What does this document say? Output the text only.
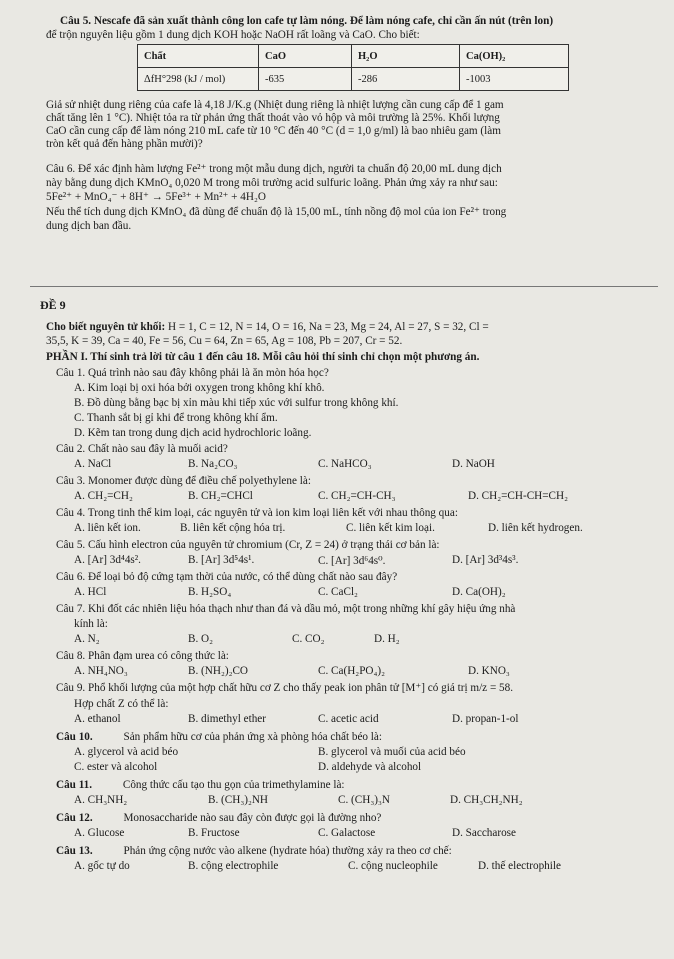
Câu 5. Nescafe đã sản xuất thành công lon cafe tự làm nóng. Để làm nóng cafe, chỉ cần ấn nút (trên lon)
để trộn nguyên liệu gồm 1 dung dịch KOH hoặc NaOH rất loãng và CaO. Cho biết:
Chất	CaO	H₂O	Ca(OH)₂
ΔfH°298 (kJ / mol)	-635	-286	-1003
Giả sử nhiệt dung riêng của cafe là 4,18 J/K.g (Nhiệt dung riêng là nhiệt lượng cần cung cấp để 1 gam
chất tăng lên 1 °C). Nhiệt tỏa ra từ phản ứng thất thoát vào vỏ hộp và môi trường là 25%. Khối lượng
CaO cần cung cấp để làm nóng 210 mL cafe từ 10 °C đến 40 °C (d = 1,0 g/ml) là bao nhiêu gam (làm
tròn kết quả đến hàng phần mười)?
Câu 6. Để xác định hàm lượng Fe²⁺ trong một mẫu dung dịch, người ta chuẩn độ 20,00 mL dung dịch
này bằng dung dịch KMnO₄ 0,020 M trong môi trường acid sulfuric loãng. Phản ứng xảy ra như sau:
5Fe²⁺ + MnO₄⁻ + 8H⁺ → 5Fe³⁺ + Mn²⁺ + 4H₂O
Nếu thể tích dung dịch KMnO₄ đã dùng để chuẩn độ là 15,00 mL, tính nồng độ mol của ion Fe²⁺ trong
dung dịch ban đầu.
ĐỀ 9
Cho biết nguyên tử khối: H = 1, C = 12, N = 14, O = 16, Na = 23, Mg = 24, Al = 27, S = 32, Cl =
35,5, K = 39, Ca = 40, Fe = 56, Cu = 64, Zn = 65, Ag = 108, Pb = 207, Cr = 52.
PHẦN I. Thí sinh trả lời từ câu 1 đến câu 18. Mỗi câu hỏi thí sinh chỉ chọn một phương án.
Câu 1. Quá trình nào sau đây không phải là ăn mòn hóa học?
A. Kim loại bị oxi hóa bởi oxygen trong không khí khô.
B. Đồ dùng bằng bạc bị xỉn màu khi tiếp xúc với sulfur trong không khí.
C. Thanh sắt bị gỉ khi để trong không khí ẩm.
D. Kẽm tan trong dung dịch acid hydrochloric loãng.
Câu 2. Chất nào sau đây là muối acid?
A. NaCl	B. Na₂CO₃	C. NaHCO₃	D. NaOH
Câu 3. Monomer được dùng để điều chế polyethylene là:
A. CH₂=CH₂	B. CH₂=CHCl	C. CH₂=CH-CH₃	D. CH₂=CH-CH=CH₂
Câu 4. Trong tinh thể kim loại, các nguyên tử và ion kim loại liên kết với nhau thông qua:
A. liên kết ion.	B. liên kết cộng hóa trị.	C. liên kết kim loại.	D. liên kết hydrogen.
Câu 5. Cấu hình electron của nguyên tử chromium (Cr, Z = 24) ở trạng thái cơ bản là:
A. [Ar] 3d⁴4s².	B. [Ar] 3d⁵4s¹.	C. [Ar] 3d⁶4s⁰.	D. [Ar] 3d³4s³.
Câu 6. Để loại bỏ độ cứng tạm thời của nước, có thể dùng chất nào sau đây?
A. HCl	B. H₂SO₄	C. CaCl₂	D. Ca(OH)₂
Câu 7. Khi đốt các nhiên liệu hóa thạch như than đá và dầu mỏ, một trong những khí gây hiệu ứng nhà
kính là:
A. N₂	B. O₂	C. CO₂	D. H₂
Câu 8. Phân đạm urea có công thức là:
A. NH₄NO₃	B. (NH₂)₂CO	C. Ca(H₂PO₄)₂	D. KNO₃
Câu 9. Phổ khối lượng của một hợp chất hữu cơ Z cho thấy peak ion phân tử [M⁺] có giá trị m/z = 58.
Hợp chất Z có thể là:
A. ethanol	B. dimethyl ether	C. acetic acid	D. propan-1-ol
Câu 10.	Sản phẩm hữu cơ của phản ứng xà phòng hóa chất béo là:
A. glycerol và acid béo	B. glycerol và muối của acid béo
C. ester và alcohol	D. aldehyde và alcohol
Câu 11.	Công thức cấu tạo thu gọn của trimethylamine là:
A. CH₃NH₂	B. (CH₃)₂NH	C. (CH₃)₃N	D. CH₃CH₂NH₂
Câu 12.	Monosaccharide nào sau đây còn được gọi là đường nho?
A. Glucose	B. Fructose	C. Galactose	D. Saccharose
Câu 13.	Phản ứng cộng nước vào alkene (hydrate hóa) thường xảy ra theo cơ chế:
A. gốc tự do	B. cộng electrophile	C. cộng nucleophile	D. thế electrophile
